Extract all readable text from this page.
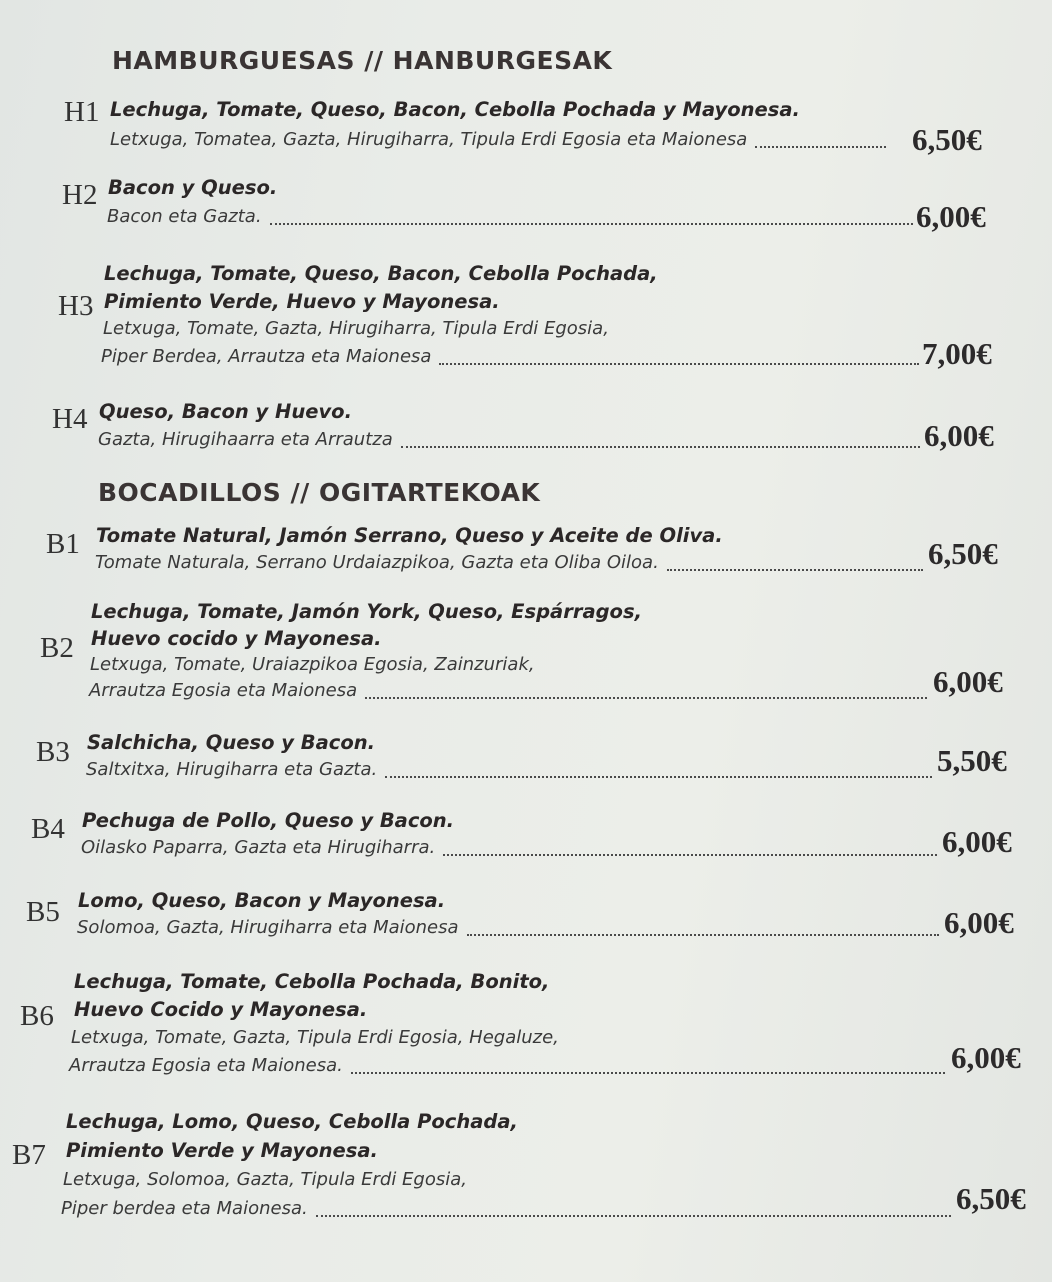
HAMBURGUESAS // HANBURGESAK
BOCADILLOS // OGITARTEKOAK
H1 Lechuga, Tomate, Queso, Bacon, Cebolla Pochada y Mayonesa.
Letxuga, Tomatea, Gazta, Hirugiharra, Tipula Erdi Egosia eta Maionesa	6,50€
H2 Bacon y Queso.
Bacon eta Gazta.	6,00€
H3
Lechuga, Tomate, Queso, Bacon, Cebolla Pochada,
Pimiento Verde, Huevo y Mayonesa.
Letxuga, Tomate, Gazta, Hirugiharra, Tipula Erdi Egosia,
Piper Berdea, Arrautza eta Maionesa	7,00€
H4 Queso, Bacon y Huevo.
Gazta, Hirugihaarra eta Arrautza	6,00€
B1 Tomate Natural, Jamón Serrano, Queso y Aceite de Oliva.
Tomate Naturala, Serrano Urdaiazpikoa, Gazta eta Oliba Oiloa.	6,50€
B2
Lechuga, Tomate, Jamón York, Queso, Espárragos,
Huevo cocido y Mayonesa.
Letxuga, Tomate, Uraiazpikoa Egosia, Zainzuriak,
Arrautza Egosia eta Maionesa	6,00€
B3 Salchicha, Queso y Bacon.
Saltxitxa, Hirugiharra eta Gazta.	5,50€
B4 Pechuga de Pollo, Queso y Bacon.
Oilasko Paparra, Gazta eta Hirugiharra.	6,00€
B5 Lomo, Queso, Bacon y Mayonesa.
Solomoa, Gazta, Hirugiharra eta Maionesa	6,00€
B6
Lechuga, Tomate, Cebolla Pochada, Bonito,
Huevo Cocido y Mayonesa.
Letxuga, Tomate, Gazta, Tipula Erdi Egosia, Hegaluze,
Arrautza Egosia eta Maionesa.	6,00€
B7
Lechuga, Lomo, Queso, Cebolla Pochada,
Pimiento Verde y Mayonesa.
Letxuga, Solomoa, Gazta, Tipula Erdi Egosia,
Piper berdea eta Maionesa.	6,50€
